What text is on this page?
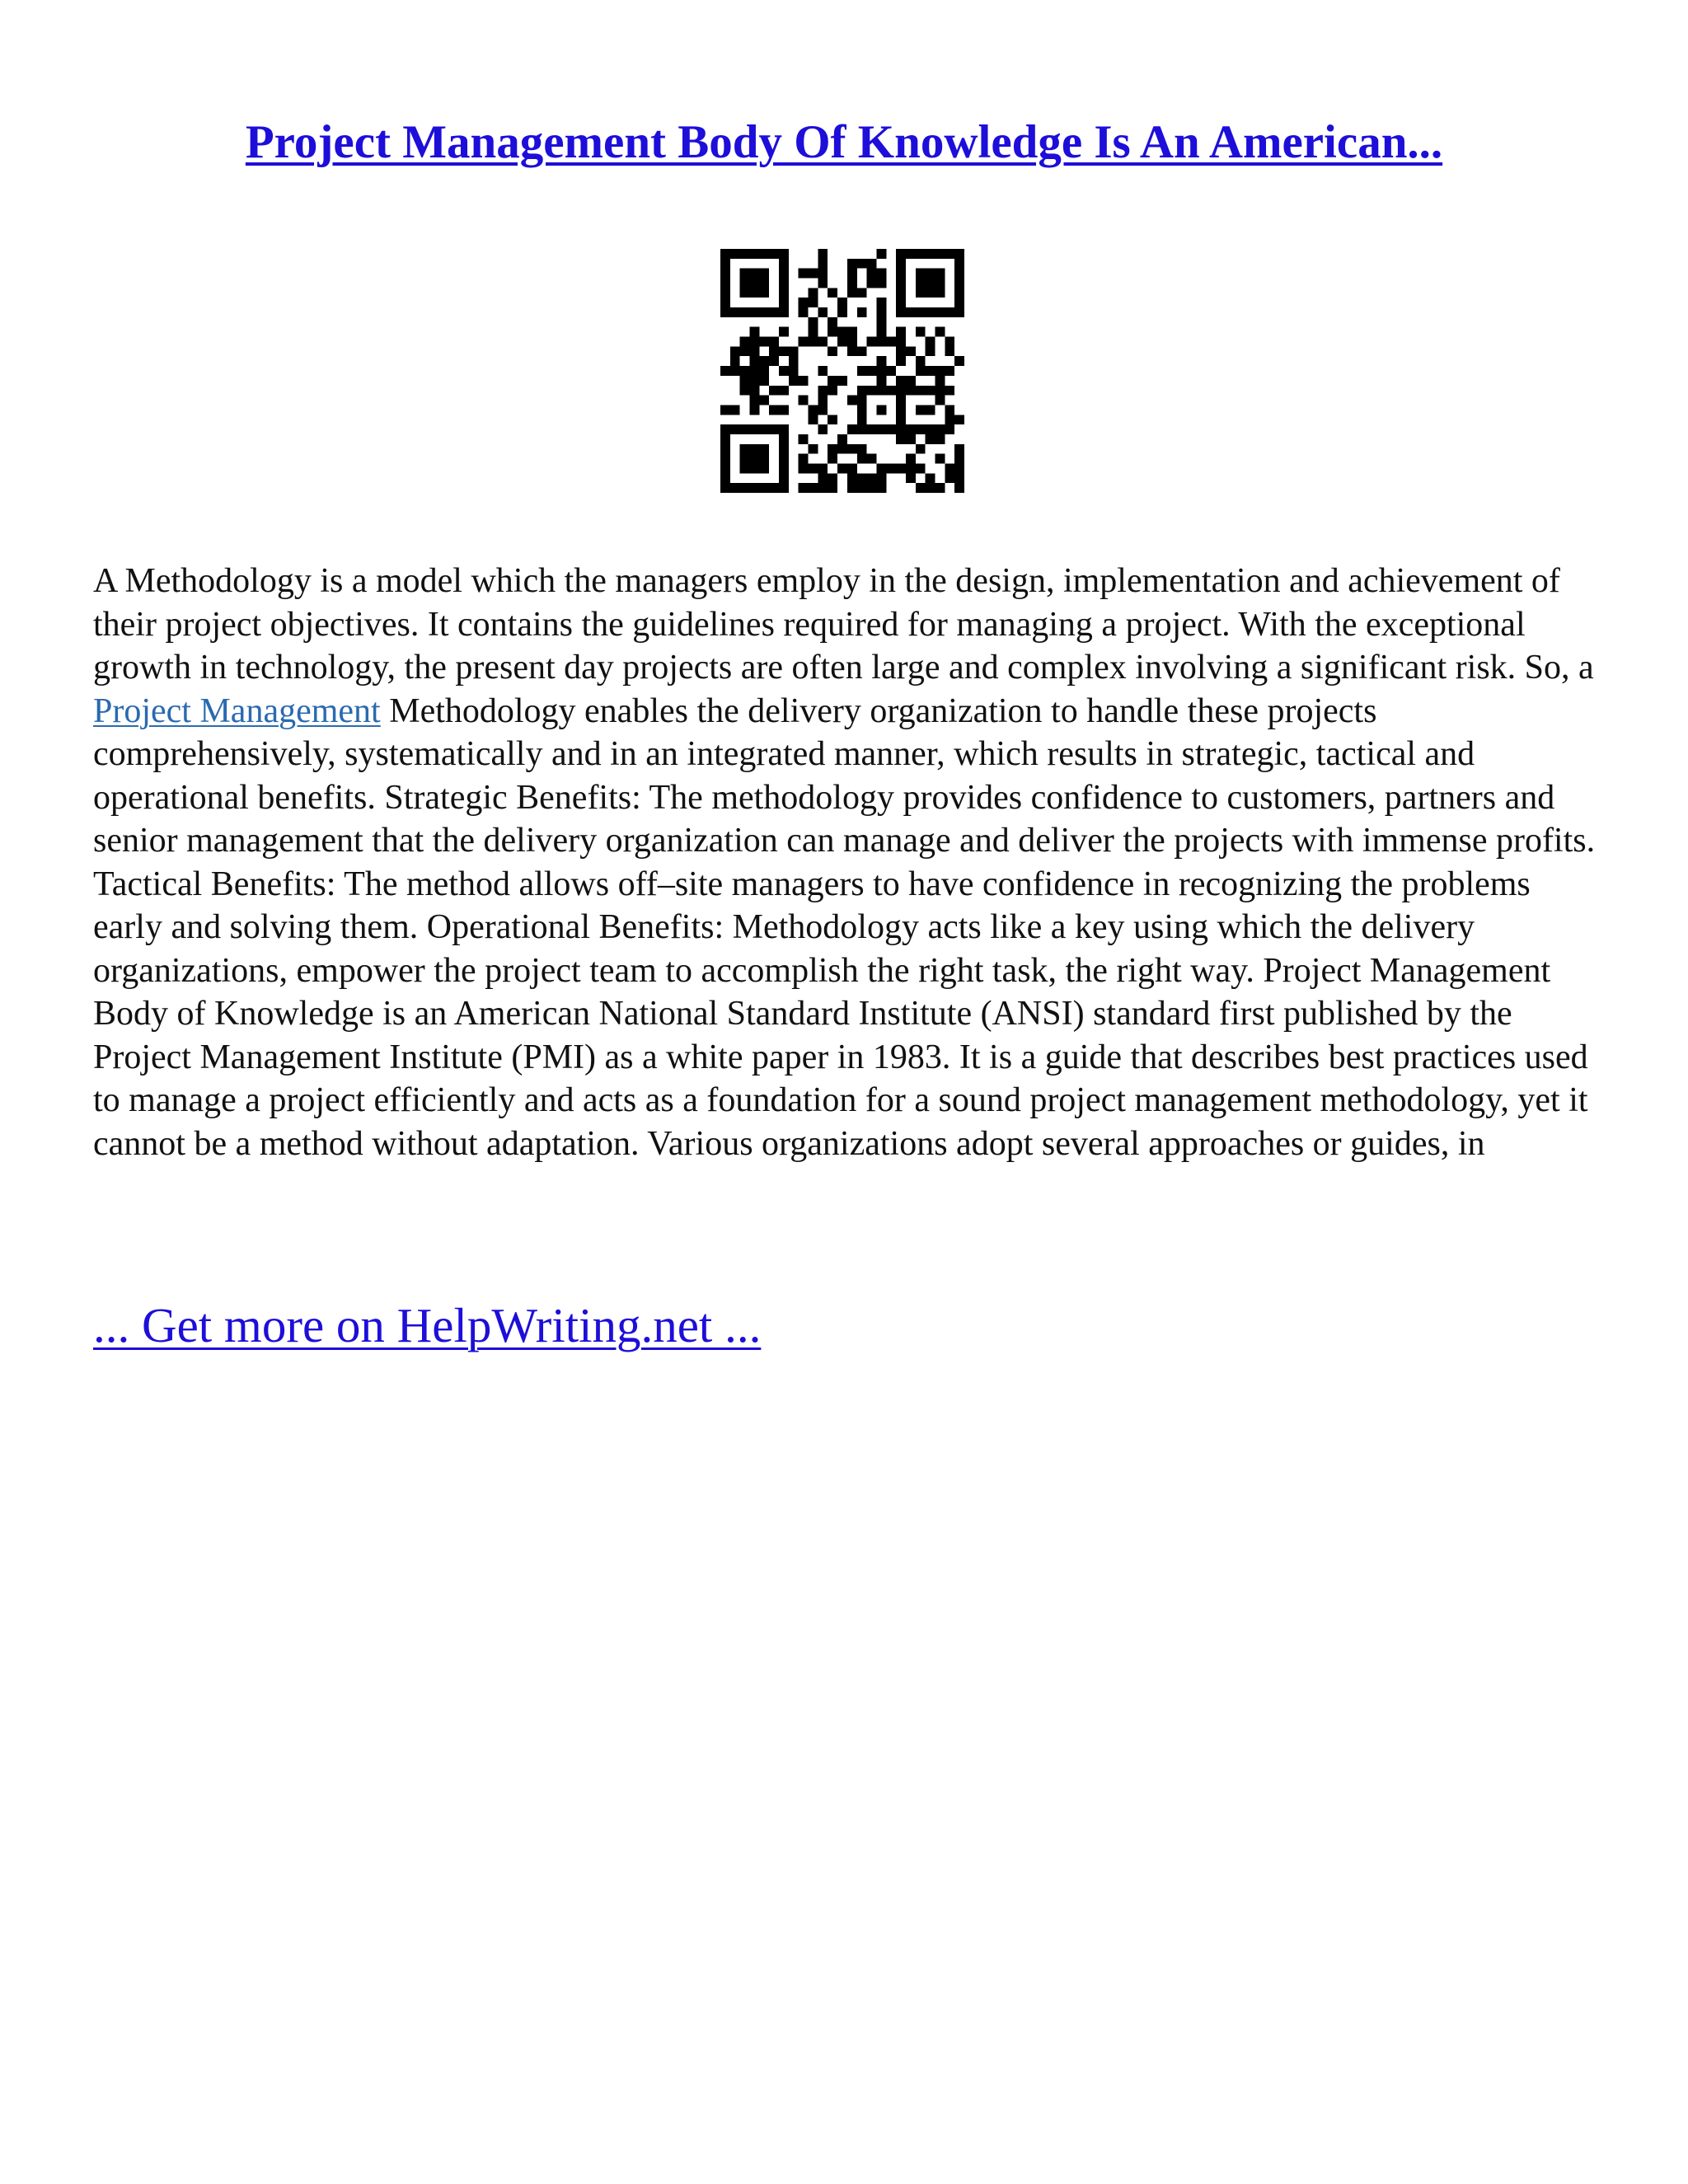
Project Management Body Of Knowledge Is An American...

A Methodology is a model which the managers employ in the design, implementation and achievement of their project objectives. It contains the guidelines required for managing a project. With the exceptional growth in technology, the present day projects are often large and complex involving a significant risk. So, a Project Management Methodology enables the delivery organization to handle these projects comprehensively, systematically and in an integrated manner, which results in strategic, tactical and operational benefits. Strategic Benefits: The methodology provides confidence to customers, partners and senior management that the delivery organization can manage and deliver the projects with immense profits. Tactical Benefits: The method allows off–site managers to have confidence in recognizing the problems early and solving them. Operational Benefits: Methodology acts like a key using which the delivery organizations, empower the project team to accomplish the right task, the right way. Project Management Body of Knowledge is an American National Standard Institute (ANSI) standard first published by the Project Management Institute (PMI) as a white paper in 1983. It is a guide that describes best practices used to manage a project efficiently and acts as a foundation for a sound project management methodology, yet it cannot be a method without adaptation. Various organizations adopt several approaches or guides, in

... Get more on HelpWriting.net ...
